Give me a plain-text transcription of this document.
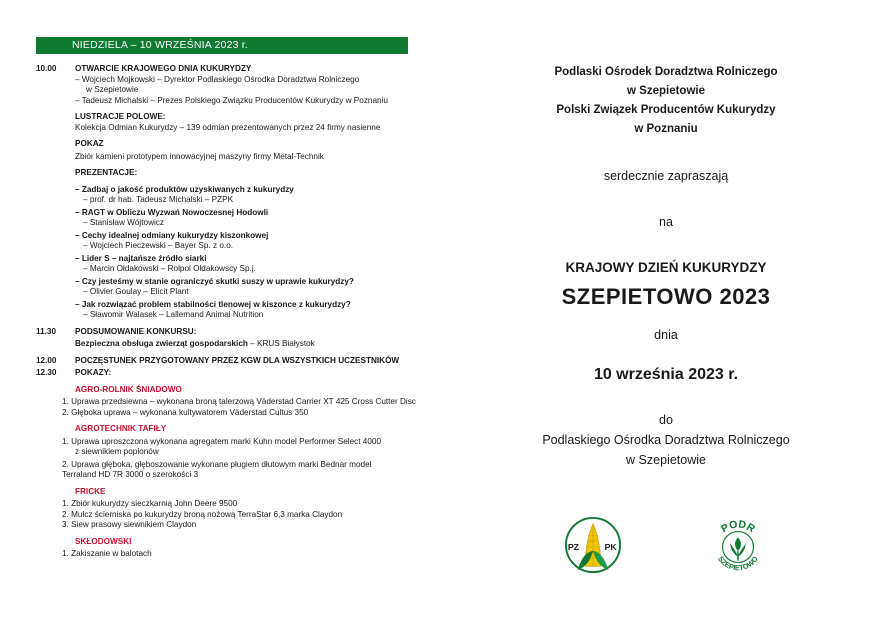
NIEDZIELA – 10 WRZEŚNIA 2023 r.
10.00 OTWARCIE KRAJOWEGO DNIA KUKURYDZY
– Wojciech Mojkowski – Dyrektor Podlaskiego Ośrodka Doradztwa Rolniczego
w Szepietowie
– Tadeusz Michalski – Prezes Polskiego Związku Producentów Kukurydzy w Poznaniu
LUSTRACJE POLOWE:
Kolekcja Odmian Kukurydzy – 139 odmian prezentowanych przez 24 firmy nasienne
POKAZ
Zbiór kamieni prototypem innowacyjnej maszyny firmy Metal-Technik
PREZENTACJE:
– Zadbaj o jakość produktów uzyskiwanych z kukurydzy
– prof. dr hab. Tadeusz Michalski – PZPK
– RAGT w Obliczu Wyzwań Nowoczesnej Hodowli
– Stanisław Wójtowicz
– Cechy idealnej odmiany kukurydzy kiszonkowej
– Wojciech Pieczewski – Bayer Sp. z o.o.
– Lider S – najtańsze źródło siarki
– Marcin Ołdakowski – Rolpol Ołdakowscy Sp.j.
– Czy jesteśmy w stanie ograniczyć skutki suszy w uprawie kukurydzy?
– Olivier Goulay – Elicit Plant
– Jak rozwiązać problem stabilności tlenowej w kiszonce z kukurydzy?
– Sławomir Walasek – Lallemand Animal Nutrition
11.30 PODSUMOWANIE KONKURSU:
Bezpieczna obsługa zwierząt gospodarskich – KRUS Białystok
12.00 POCZĘSTUNEK PRZYGOTOWANY PRZEZ KGW DLA WSZYSTKICH UCZESTNIKÓW
12.30 POKAZY:
AGRO-ROLNIK ŚNIADOWO
1. Uprawa przedsiewna – wykonana broną talerzową Väderstad Carrier XT 425 Cross Cutter Disc
2. Głęboka uprawa – wykonana kultywatorem Väderstad Cultus 350
AGROTECHNIK TAFIŁY
1. Uprawa uproszczona wykonana agregatem marki Kuhn model Performer Select 4000
z siewnikiem poplonów
2. Uprawa głęboka, głęboszowanie wykonane pługiem dłutowym marki Bednar model
Terraland HD 7R 3000 o szerokości 3
FRICKE
1. Zbiór kukurydzy sieczkarnią John Deere 9500
2. Mulcz ścierniska po kukurydzy broną nożową TerraStar 6,3 marka Claydon
3. Siew prasowy siewnikiem Claydon
SKŁODOWSKI
1. Zakiszanie w balotach
Podlaski Ośrodek Doradztwa Rolniczego
w Szepietowie
Polski Związek Producentów Kukurydzy
w Poznaniu
serdecznie zapraszają
na
KRAJOWY DZIEŃ KUKURYDZY
SZEPIETOWO 2023
dnia
10 września 2023 r.
do
Podlaskiego Ośrodka Doradztwa Rolniczego
w Szepietowie
PZ	PK
PODR
SZEPIETOWO
